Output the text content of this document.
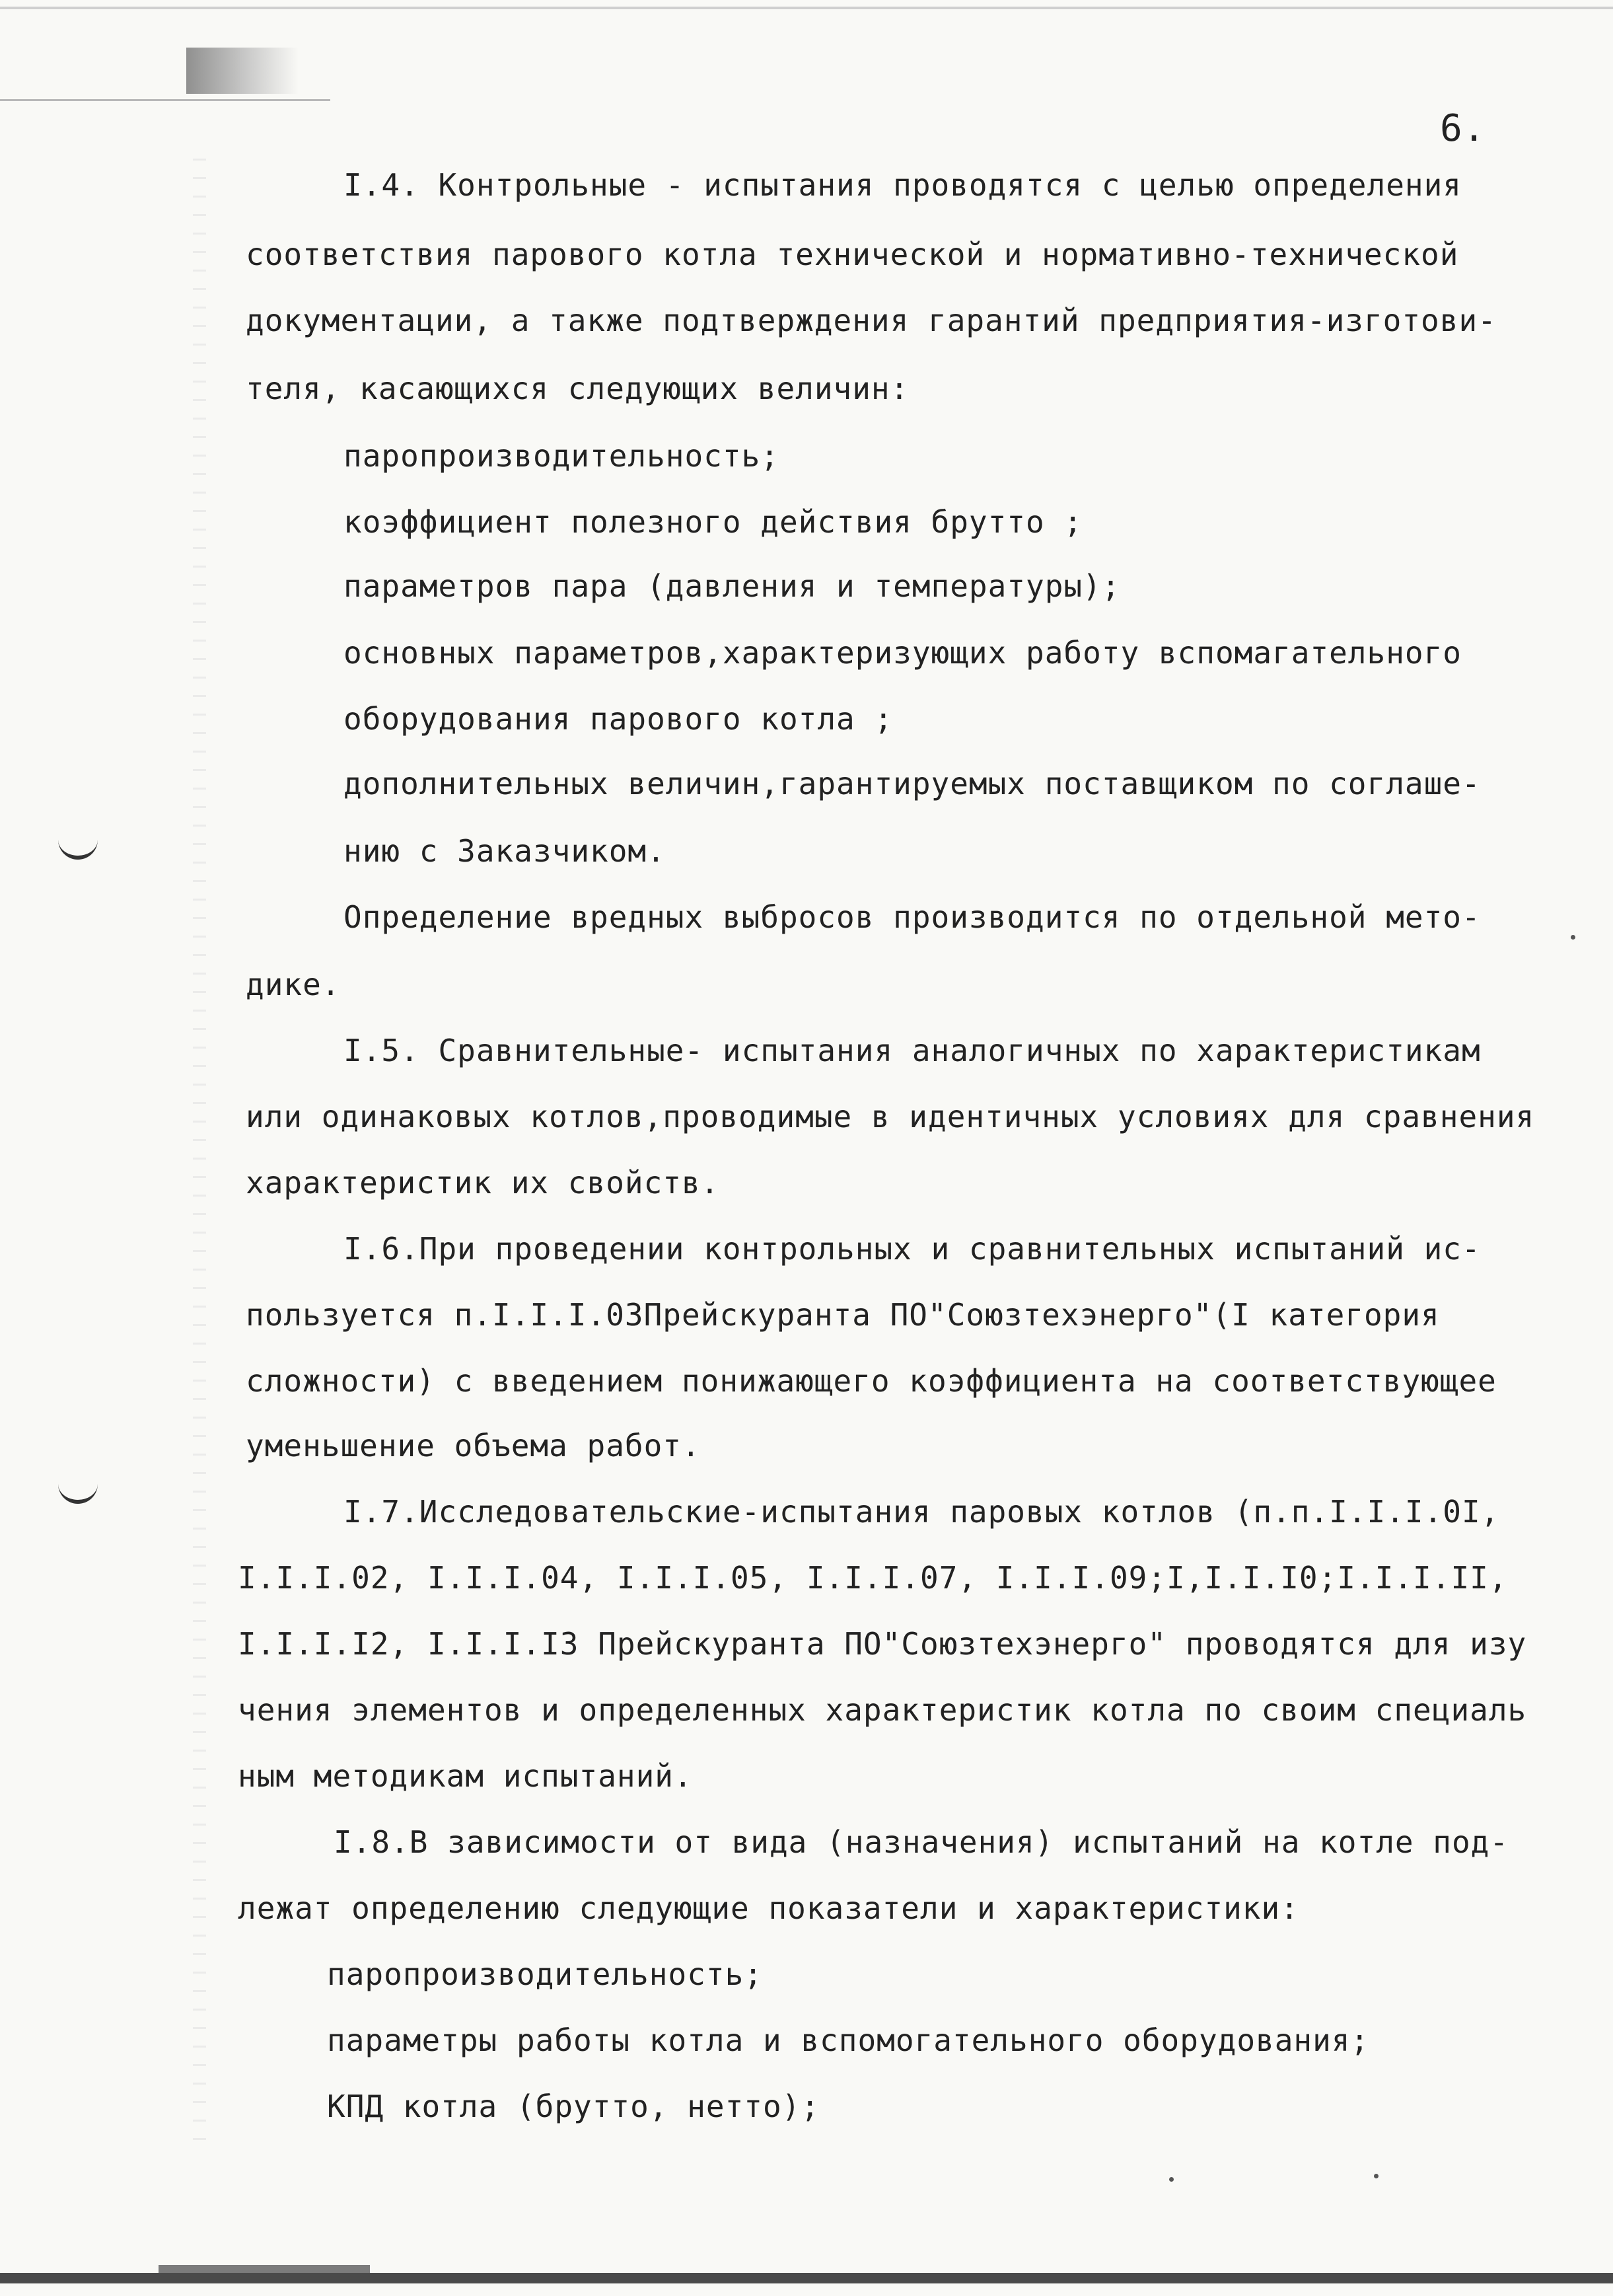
6.
I.4. Контрольные - испытания проводятся с целью определения
соответствия парового котла технической и нормативно-технической
документации, а также подтверждения гарантий предприятия-изготови-
теля, касающихся следующих величин:
паропроизводительность;
коэффициент полезного действия брутто ;
параметров пара (давления и температуры);
основных параметров,характеризующих работу вспомагательного
оборудования парового котла ;
дополнительных величин,гарантируемых поставщиком по соглаше-
нию с Заказчиком.
Определение вредных выбросов производится по отдельной мето-
дике.
I.5. Сравнительные- испытания аналогичных по характеристикам
или одинаковых котлов,проводимые в идентичных условиях для сравнения
характеристик их свойств.
I.6.При проведении контрольных и сравнительных испытаний ис-
пользуется п.I.I.I.03Прейскуранта ПО"Союзтехэнерго"(I категория
сложности) с введением понижающего коэффициента на соответствующее
уменьшение объема работ.
I.7.Исследовательские-испытания паровых котлов (п.п.I.I.I.0I,
I.I.I.02, I.I.I.04, I.I.I.05, I.I.I.07, I.I.I.09;I,I.I.I0;I.I.I.II,
I.I.I.I2, I.I.I.I3 Прейскуранта ПО"Союзтехэнерго" проводятся для изу
чения элементов и определенных характеристик котла по своим специаль
ным методикам испытаний.
I.8.В зависимости от вида (назначения) испытаний на котле под-
лежат определению следующие показатели и характеристики:
паропроизводительность;
параметры работы котла и вспомогательного оборудования;
КПД котла (брутто, нетто);
